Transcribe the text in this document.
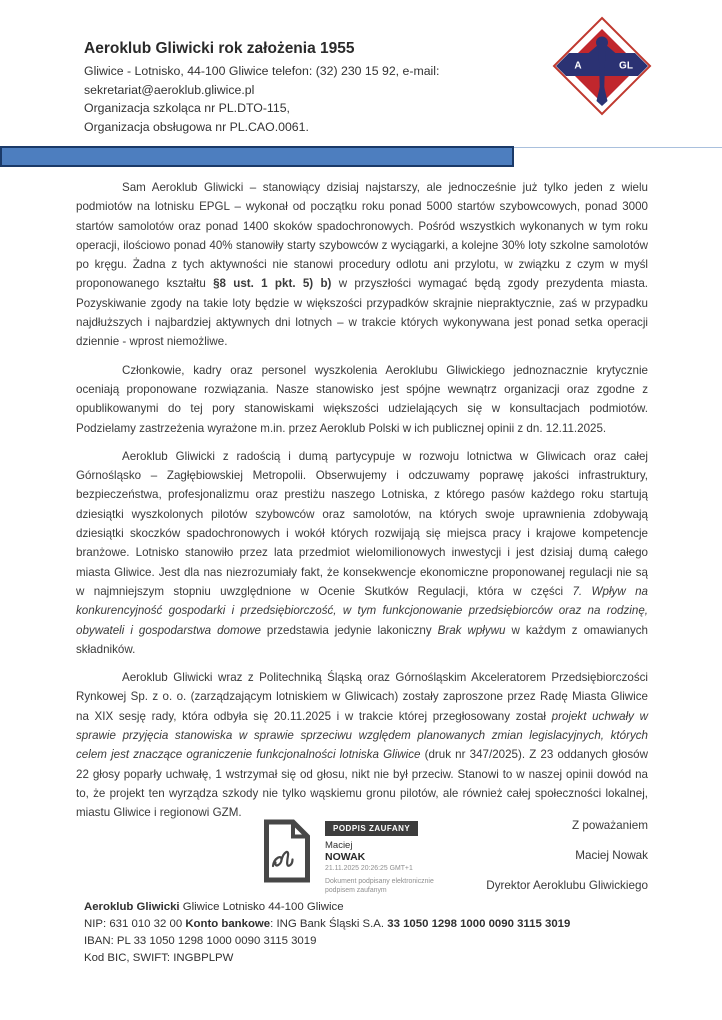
Aeroklub Gliwicki rok założenia 1955
Gliwice - Lotnisko, 44-100 Gliwice telefon: (32) 230 15 92, e-mail:
sekretariat@aeroklub.gliwice.pl
Organizacja szkoląca nr PL.DTO-115,
Organizacja obsługowa nr PL.CAO.0061.
A	GL

Sam Aeroklub Gliwicki – stanowiący dzisiaj najstarszy, ale jednocześnie już tylko jeden z wielu podmiotów na lotnisku EPGL – wykonał od początku roku ponad 5000 startów szybowcowych, ponad 3000 startów samolotów oraz ponad 1400 skoków spadochronowych. Pośród wszystkich wykonanych w tym roku operacji, ilościowo ponad 40% stanowiły starty szybowców z wyciągarki, a kolejne 30% loty szkolne samolotów po kręgu. Żadna z tych aktywności nie stanowi procedury odlotu ani przylotu, w związku z czym w myśl proponowanego kształtu §8 ust. 1 pkt. 5) b) w przyszłości wymagać będą zgody prezydenta miasta. Pozyskiwanie zgody na takie loty będzie w większości przypadków skrajnie niepraktycznie, zaś w przypadku najdłuższych i najbardziej aktywnych dni lotnych – w trakcie których wykonywana jest ponad setka operacji dziennie - wprost niemożliwe.

Członkowie, kadry oraz personel wyszkolenia Aeroklubu Gliwickiego jednoznacznie krytycznie oceniają proponowane rozwiązania. Nasze stanowisko jest spójne wewnątrz organizacji oraz zgodne z opublikowanymi do tej pory stanowiskami większości udzielających się w konsultacjach podmiotów. Podzielamy zastrzeżenia wyrażone m.in. przez Aeroklub Polski w ich publicznej opinii z dn. 12.11.2025.

Aeroklub Gliwicki z radością i dumą partycypuje w rozwoju lotnictwa w Gliwicach oraz całej Górnośląsko – Zagłębiowskiej Metropolii. Obserwujemy i odczuwamy poprawę jakości infrastruktury, bezpieczeństwa, profesjonalizmu oraz prestiżu naszego Lotniska, z którego pasów każdego roku startują dziesiątki wyszkolonych pilotów szybowców oraz samolotów, na których swoje uprawnienia zdobywają dziesiątki skoczków spadochronowych i wokół których rozwijają się miejsca pracy i krajowe kompetencje branżowe. Lotnisko stanowiło przez lata przedmiot wielomilionowych inwestycji i jest dzisiaj dumą całego miasta Gliwice. Jest dla nas niezrozumiały fakt, że konsekwencje ekonomiczne proponowanej regulacji nie są w najmniejszym stopniu uwzględnione w Ocenie Skutków Regulacji, która w części 7. Wpływ na konkurencyjność gospodarki i przedsiębiorczość, w tym funkcjonowanie przedsiębiorców oraz na rodzinę, obywateli i gospodarstwa domowe przedstawia jedynie lakoniczny Brak wpływu w każdym z omawianych składników.

Aeroklub Gliwicki wraz z Politechniką Śląską oraz Górnośląskim Akceleratorem Przedsiębiorczości Rynkowej Sp. z o. o. (zarządzającym lotniskiem w Gliwicach) zostały zaproszone przez Radę Miasta Gliwice na XIX sesję rady, która odbyła się 20.11.2025 i w trakcie której przegłosowany został projekt uchwały w sprawie przyjęcia stanowiska w sprawie sprzeciwu względem planowanych zmian legislacyjnych, których celem jest znaczące ograniczenie funkcjonalności lotniska Gliwice (druk nr 347/2025). Z 23 oddanych głosów 22 głosy poparły uchwałę, 1 wstrzymał się od głosu, nikt nie był przeciw. Stanowi to w naszej opinii dowód na to, że projekt ten wyrządza szkody nie tylko wąskiemu gronu pilotów, ale również całej społeczności lokalnej, miastu Gliwice i regionowi GZM.

PODPIS ZAUFANY
Maciej
NOWAK
21.11.2025 20:26:25 GMT+1
Dokument podpisany elektronicznie podpisem zaufanym
Z poważaniem
Maciej Nowak
Dyrektor Aeroklubu Gliwickiego
Aeroklub Gliwicki Gliwice Lotnisko 44-100 Gliwice
NIP: 631 010 32 00 Konto bankowe: ING Bank Śląski S.A. 33 1050 1298 1000 0090 3115 3019
IBAN: PL 33 1050 1298 1000 0090 3115 3019
Kod BIC, SWIFT: INGBPLPW
